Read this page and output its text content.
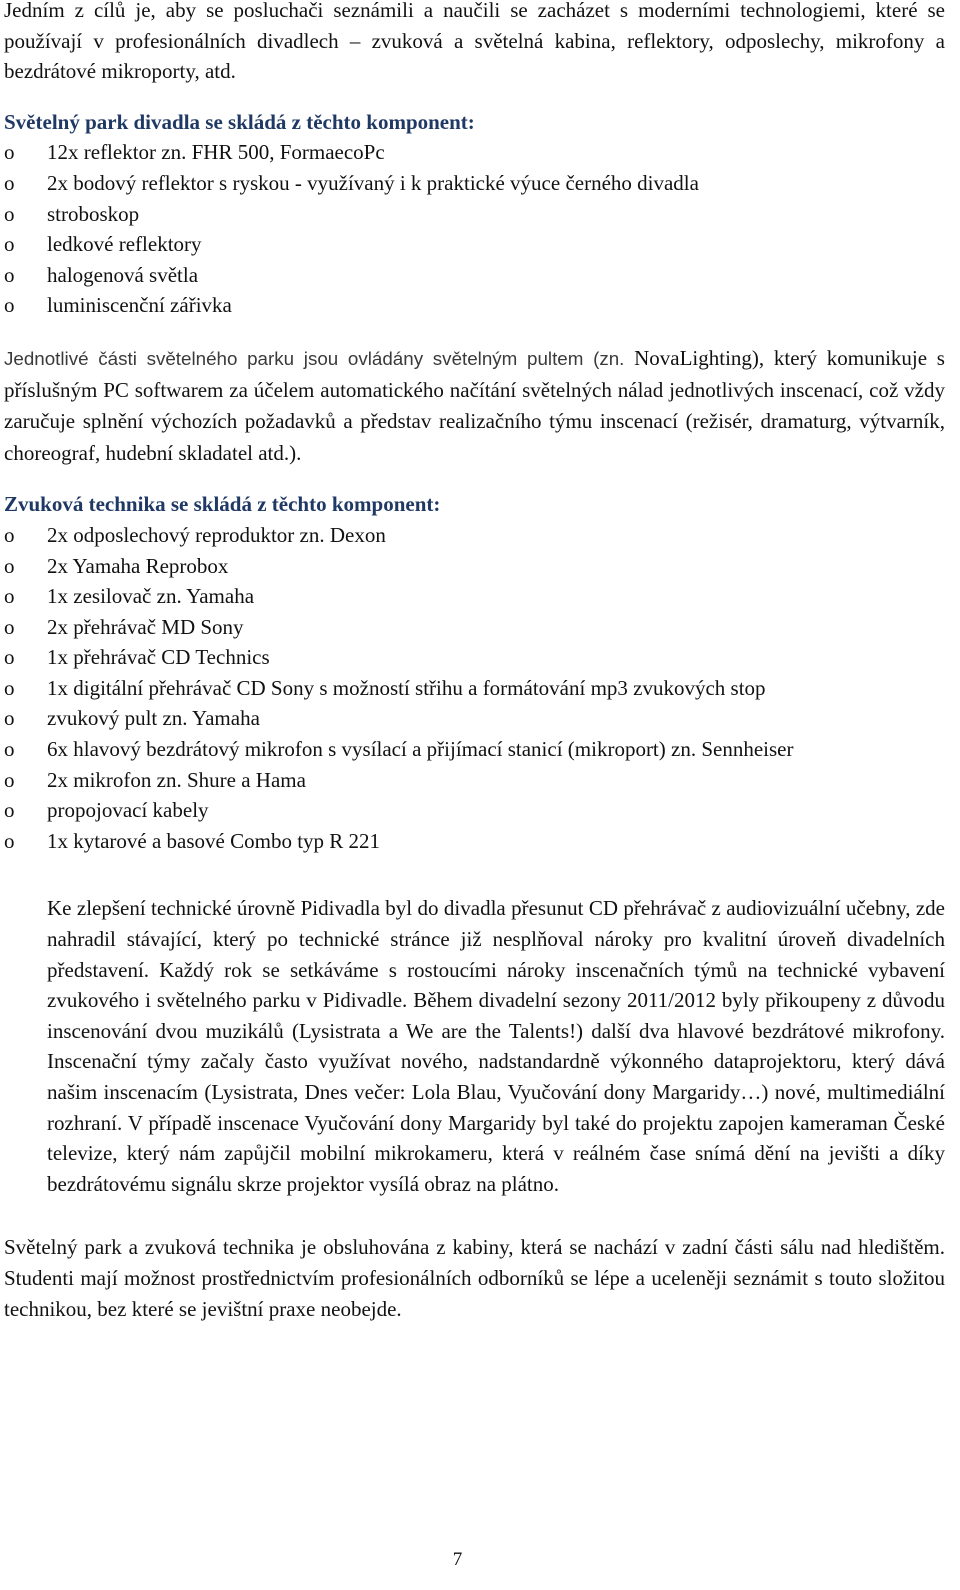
Jedním z cílů je, aby se posluchači seznámili a naučili se zacházet s moderními technologiemi, které se používají v profesionálních divadlech – zvuková a světelná kabina, reflektory, odposlechy, mikrofony a bezdrátové mikroporty, atd.

Světelný park divadla se skládá z těchto komponent:

o 12x reflektor zn. FHR 500, FormaecoPc
o 2x bodový reflektor s ryskou - využívaný i k praktické výuce černého divadla
o stroboskop
o ledkové reflektory
o halogenová světla
o luminiscenční zářivka

Jednotlivé části světelného parku jsou ovládány světelným pultem (zn. NovaLighting), který komunikuje s příslušným PC softwarem za účelem automatického načítání světelných nálad jednotlivých inscenací, což vždy zaručuje splnění výchozích požadavků a představ realizačního týmu inscenací (režisér, dramaturg, výtvarník, choreograf, hudební skladatel atd.).

Zvuková technika se skládá z těchto komponent:

o 2x odposlechový reproduktor zn. Dexon
o 2x Yamaha Reprobox
o 1x zesilovač zn. Yamaha
o 2x přehrávač MD Sony
o 1x přehrávač CD Technics
o 1x digitální přehrávač CD Sony s možností střihu a formátování mp3 zvukových stop
o zvukový pult zn. Yamaha
o 6x hlavový bezdrátový mikrofon s vysílací a přijímací stanicí (mikroport) zn. Sennheiser
o 2x mikrofon zn. Shure a Hama
o propojovací kabely
o 1x kytarové a basové Combo typ R 221

Ke zlepšení technické úrovně Pidivadla byl do divadla přesunut CD přehrávač z audiovizuální učebny, zde nahradil stávající, který po technické stránce již nesplňoval nároky pro kvalitní úroveň divadelních představení. Každý rok se setkáváme s rostoucími nároky inscenačních týmů na technické vybavení zvukového i světelného parku v Pidivadle. Během divadelní sezony 2011/2012 byly přikoupeny z důvodu inscenování dvou muzikálů (Lysistrata a We are the Talents!) další dva hlavové bezdrátové mikrofony. Inscenační týmy začaly často využívat nového, nadstandardně výkonného dataprojektoru, který dává našim inscenacím (Lysistrata, Dnes večer: Lola Blau, Vyučování dony Margaridy…) nové, multimediální rozhraní. V případě inscenace Vyučování dony Margaridy byl také do projektu zapojen kameraman České televize, který nám zapůjčil mobilní mikrokameru, která v reálném čase snímá dění na jevišti a díky bezdrátovému signálu skrze projektor vysílá obraz na plátno.

Světelný park a zvuková technika je obsluhována z kabiny, která se nachází v zadní části sálu nad hledištěm. Studenti mají možnost prostřednictvím profesionálních odborníků se lépe a uceleněji seznámit s touto složitou technikou, bez které se jevištní praxe neobejde.

7
